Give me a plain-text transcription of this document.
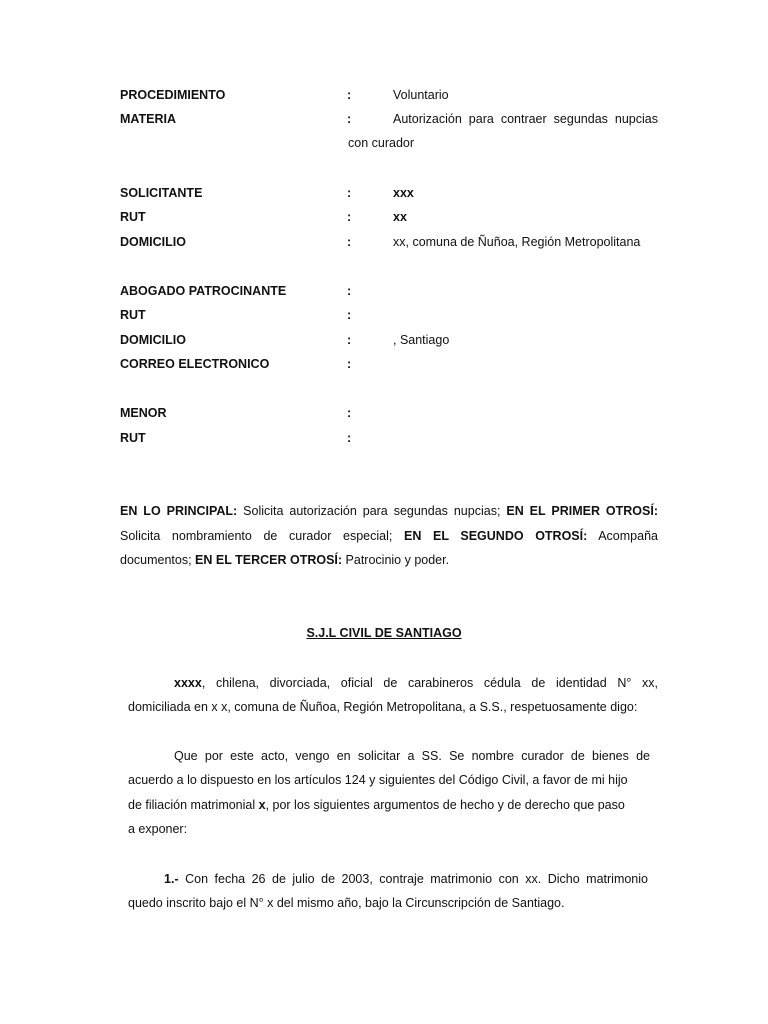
PROCEDIMIENTO	:	Voluntario
MATERIA	:	Autorización para contraer segundas nupcias
con curador
SOLICITANTE	:	xxx
RUT	:	xx
DOMICILIO	:	xx, comuna de Ñuñoa, Región Metropolitana
ABOGADO PATROCINANTE	:
RUT	:
DOMICILIO	:	, Santiago
CORREO ELECTRONICO	:
MENOR	:
RUT	:
EN LO PRINCIPAL: Solicita autorización para segundas nupcias; EN EL PRIMER OTROSÍ:
Solicita nombramiento de curador especial; EN EL SEGUNDO OTROSÍ: Acompaña
documentos; EN EL TERCER OTROSÍ: Patrocinio y poder.
S.J.L CIVIL DE SANTIAGO
xxxx, chilena, divorciada, oficial de carabineros cédula de identidad N° xx,
domiciliada en x x, comuna de Ñuñoa, Región Metropolitana, a S.S., respetuosamente digo:
Que por este acto, vengo en solicitar a SS. Se nombre curador de bienes de
acuerdo a lo dispuesto en los artículos 124 y siguientes del Código Civil, a favor de mi hijo
de filiación matrimonial x, por los siguientes argumentos de hecho y de derecho que paso
a exponer:
1.- Con fecha 26 de julio de 2003, contraje matrimonio con xx. Dicho matrimonio
quedo inscrito bajo el N° x del mismo año, bajo la Circunscripción de Santiago.
